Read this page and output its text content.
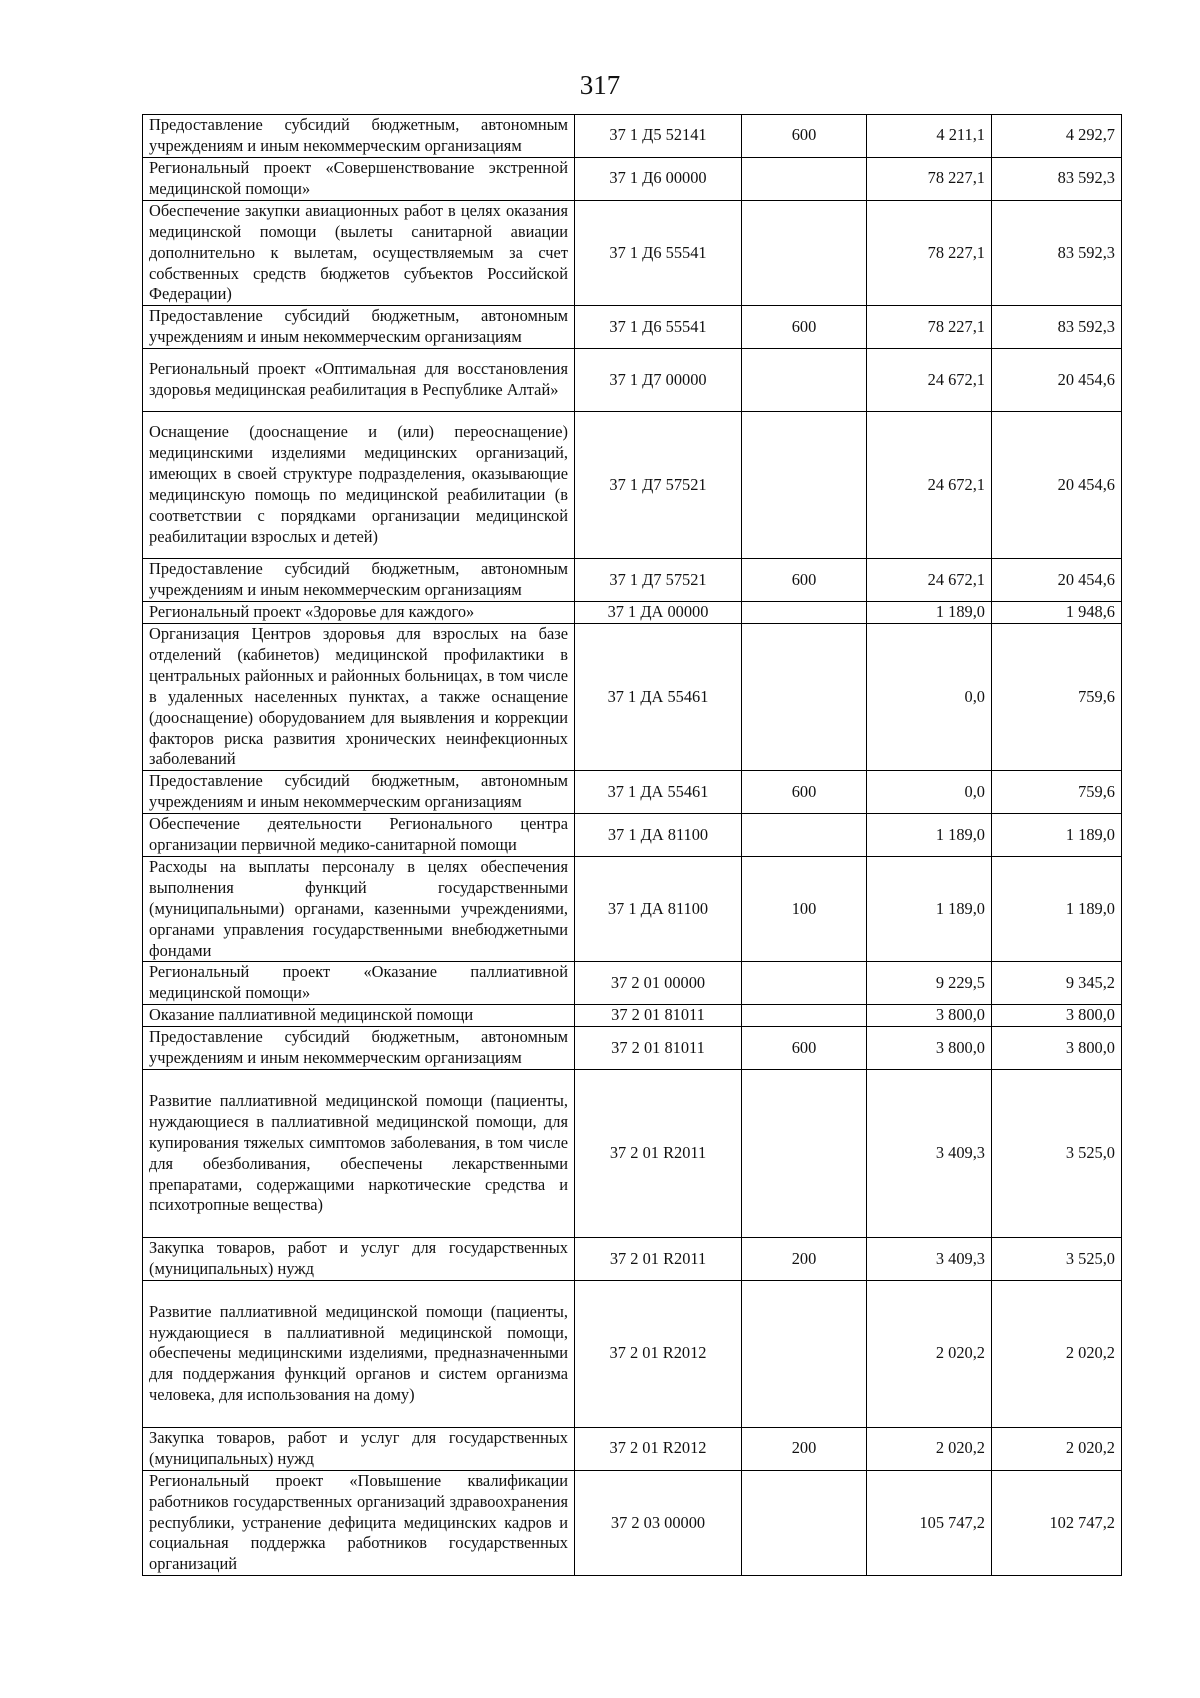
317
Предоставление субсидий бюджетным, автономным учреждениям и иным некоммерческим организациям	37 1 Д5 52141	600	4 211,1	4 292,7
Региональный проект «Совершенствование экстренной медицинской помощи»	37 1 Д6 00000		78 227,1	83 592,3
Обеспечение закупки авиационных работ в целях оказания медицинской помощи (вылеты санитарной авиации дополнительно к вылетам, осуществляемым за счет собственных средств бюджетов субъектов Российской Федерации)	37 1 Д6 55541		78 227,1	83 592,3
Предоставление субсидий бюджетным, автономным учреждениям и иным некоммерческим организациям	37 1 Д6 55541	600	78 227,1	83 592,3
Региональный проект «Оптимальная для восстановления здоровья медицинская реабилитация в Республике Алтай»	37 1 Д7 00000		24 672,1	20 454,6
Оснащение (дооснащение и (или) переоснащение) медицинскими изделиями медицинских организаций, имеющих в своей структуре подразделения, оказывающие медицинскую помощь по медицинской реабилитации (в соответствии с порядками организации медицинской реабилитации взрослых и детей)	37 1 Д7 57521		24 672,1	20 454,6
Предоставление субсидий бюджетным, автономным учреждениям и иным некоммерческим организациям	37 1 Д7 57521	600	24 672,1	20 454,6
Региональный проект «Здоровье для каждого»	37 1 ДА 00000		1 189,0	1 948,6
Организация Центров здоровья для взрослых на базе отделений (кабинетов) медицинской профилактики в центральных районных и районных больницах, в том числе в удаленных населенных пунктах, а также оснащение (дооснащение) оборудованием для выявления и коррекции факторов риска развития хронических неинфекционных заболеваний	37 1 ДА 55461		0,0	759,6
Предоставление субсидий бюджетным, автономным учреждениям и иным некоммерческим организациям	37 1 ДА 55461	600	0,0	759,6
Обеспечение деятельности Регионального центра организации первичной медико-санитарной помощи	37 1 ДА 81100		1 189,0	1 189,0
Расходы на выплаты персоналу в целях обеспечения выполнения функций государственными (муниципальными) органами, казенными учреждениями, органами управления государственными внебюджетными фондами	37 1 ДА 81100	100	1 189,0	1 189,0
Региональный проект «Оказание паллиативной медицинской помощи»	37 2 01 00000		9 229,5	9 345,2
Оказание паллиативной медицинской помощи	37 2 01 81011		3 800,0	3 800,0
Предоставление субсидий бюджетным, автономным учреждениям и иным некоммерческим организациям	37 2 01 81011	600	3 800,0	3 800,0
Развитие паллиативной медицинской помощи (пациенты, нуждающиеся в паллиативной медицинской помощи, для купирования тяжелых симптомов заболевания, в том числе для обезболивания, обеспечены лекарственными препаратами, содержащими наркотические средства и психотропные вещества)	37 2 01 R2011		3 409,3	3 525,0
Закупка товаров, работ и услуг для государственных (муниципальных) нужд	37 2 01 R2011	200	3 409,3	3 525,0
Развитие паллиативной медицинской помощи (пациенты, нуждающиеся в паллиативной медицинской помощи, обеспечены медицинскими изделиями, предназначенными для поддержания функций органов и систем организма человека, для использования на дому)	37 2 01 R2012		2 020,2	2 020,2
Закупка товаров, работ и услуг для государственных (муниципальных) нужд	37 2 01 R2012	200	2 020,2	2 020,2
Региональный проект «Повышение квалификации работников государственных организаций здравоохранения республики, устранение дефицита медицинских кадров и социальная поддержка работников государственных организаций	37 2 03 00000		105 747,2	102 747,2
